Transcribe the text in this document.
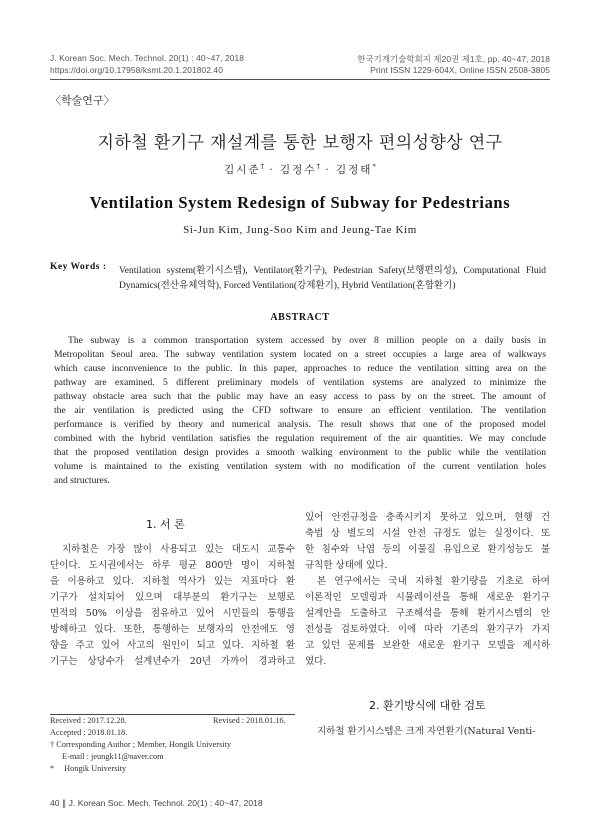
J. Korean Soc. Mech. Technol. 20(1) : 40~47, 2018
https://doi.org/10.17958/ksmt.20.1.201802.40
한국기계기술학회지 제20권 제1호, pp. 40~47, 2018
Print ISSN 1229-604X, Online ISSN 2508-3805
〈학술연구〉
지하철 환기구 재설계를 통한 보행자 편의성향상 연구
김시준† · 김정수† · 김정태*
Ventilation System Redesign of Subway for Pedestrians
Si-Jun Kim, Jung-Soo Kim and Jeung-Tae Kim
Key Words : Ventilation system(환기시스템), Ventilator(환기구), Pedestrian Safety(보행편의성), Computational Fluid
Dynamics(전산유체역학), Forced Ventilation(강제환기), Hybrid Ventilation(혼합환기)
ABSTRACT
The subway is a common transportation system accessed by over 8 million people on a daily basis in
Metropolitan Seoul area. The subway ventilation system located on a street occupies a large area of walkways
which cause inconvenience to the public. In this paper, approaches to reduce the ventilation sitting area on the
pathway are examined. 5 different preliminary models of ventilation systems are analyzed to minimize the
pathway obstacle area such that the public may have an easy access to pass by on the street. The amount of
the air ventilation is predicted using the CFD software to ensure an efficient ventilation. The ventilation
performance is verified by theory and numerical analysis. The result shows that one of the proposed model
combined with the hybrid ventilation satisfies the regulation requirement of the air quantities. We may conclude
that the proposed ventilation design provides a smooth walking environment to the public while the ventilation
volume is maintained to the existing ventilation system with no modification of the current ventilation holes
and structures.
1. 서 론
지하철은 가장 많이 사용되고 있는 대도시 교통수
단이다. 도시권에서는 하루 평균 800만 명이 지하철
을 이용하고 있다. 지하철 역사가 있는 지표마다 환
기구가 설치되어 있으며 대부분의 환기구는 보행로
면적의 50% 이상을 점유하고 있어 시민들의 통행을
방해하고 있다. 또한, 통행하는 보행자의 안전에도 영
향을 주고 있어 사고의 원인이 되고 있다. 지하철 환
기구는 상당수가 설계년수가 20년 가까이 경과하고
Received : 2017.12.28.	Revised : 2018.01.16.
Accepted : 2018.01.18.
† Corresponding Author ; Member, Hongik University
E-mail : jeungk11@naver.com
* Hongik University
있어 안전규정을 충족시키지 못하고 있으며, 현행 건
축법 상 별도의 시설 안전 규정도 없는 실정이다. 또
한 침수와 낙엽 등의 이물질 유입으로 환기성능도 불
규칙한 상태에 있다.
본 연구에서는 국내 지하철 환기량을 기초로 하여
이론적인 모델링과 시뮬레이션을 통해 새로운 환기구
설계안을 도출하고 구조해석을 통해 환기시스템의 안
전성을 검토하였다. 이에 따라 기존의 환기구가 가지
고 있던 문제를 보완한 새로운 환기구 모델을 제시하
였다.
2. 환기방식에 대한 검토
지하철 환기시스템은 크게 자연환기(Natural Venti-
40 ∥ J. Korean Soc. Mech. Technol. 20(1) : 40~47, 2018
